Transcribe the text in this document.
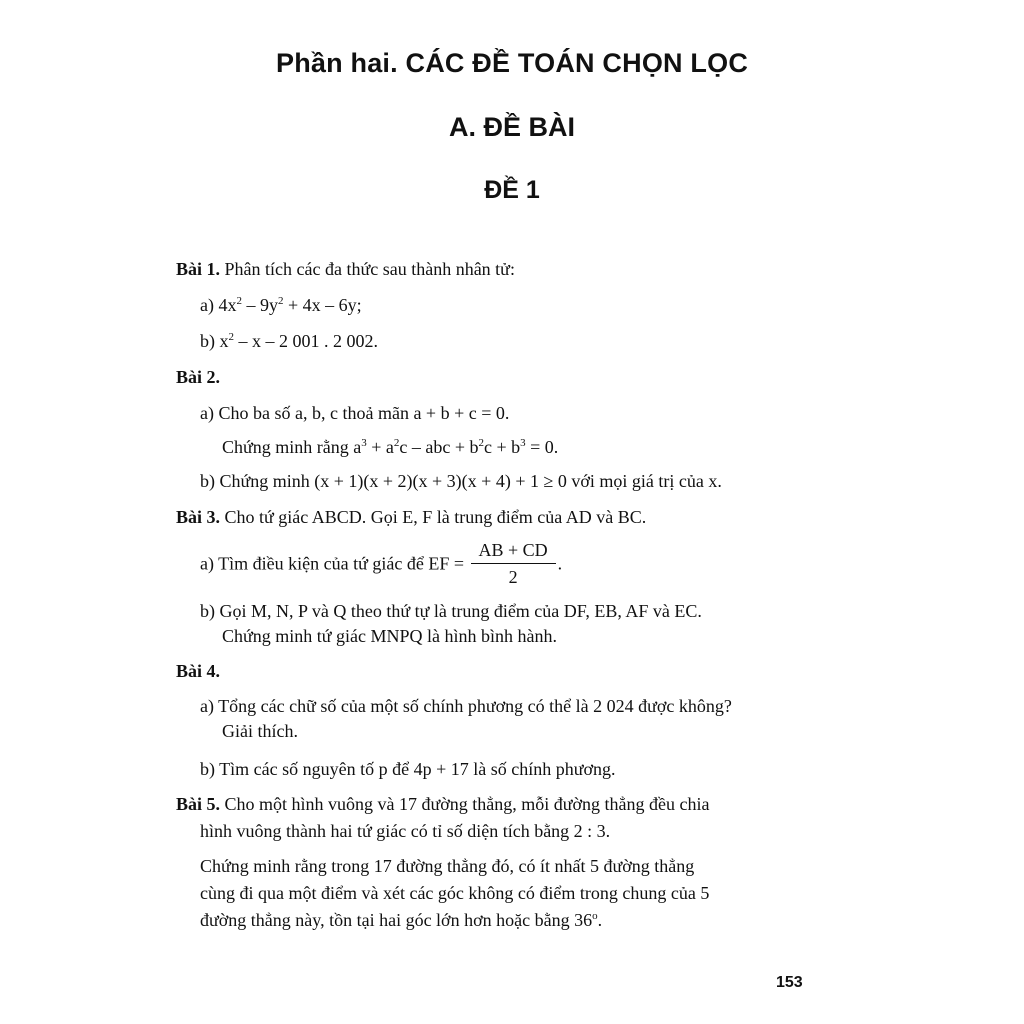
Phần hai. CÁC ĐỀ TOÁN CHỌN LỌC
A. ĐỀ BÀI
ĐỀ 1
Bài 1. Phân tích các đa thức sau thành nhân tử:
a) $4x^2 - 9y^2 + 4x - 6y$;
b) $x^2$ – x – 2 001 . 2 002.
Bài 2.
a) Cho ba số a, b, c thoả mãn a + b + c = 0.
Chứng minh rằng $a^3 + a^2c$ – abc + $b^2c + b^3 = 0$.
b) Chứng minh (x + 1)(x + 2)(x + 3)(x + 4) + 1 ≥ 0 với mọi giá trị của x.
Bài 3. Cho tứ giác ABCD. Gọi E, F là trung điểm của AD và BC.
a) Tìm điều kiện của tứ giác để EF = $\frac{AB + CD}{2}$ .
b) Gọi M, N, P và Q theo thứ tự là trung điểm của DF, EB, AF và EC.
Chứng minh tứ giác MNPQ là hình bình hành.
Bài 4.
a) Tổng các chữ số của một số chính phương có thể là 2 024 được không?
Giải thích.
b) Tìm các số nguyên tố p để 4p + 17 là số chính phương.
Bài 5. Cho một hình vuông và 17 đường thẳng, mỗi đường thẳng đều chia
hình vuông thành hai tứ giác có tỉ số diện tích bằng 2 : 3.
Chứng minh rằng trong 17 đường thẳng đó, có ít nhất 5 đường thẳng
cùng đi qua một điểm và xét các góc không có điểm trong chung của 5
đường thẳng này, tồn tại hai góc lớn hơn hoặc bằng 36$^o$.
153
